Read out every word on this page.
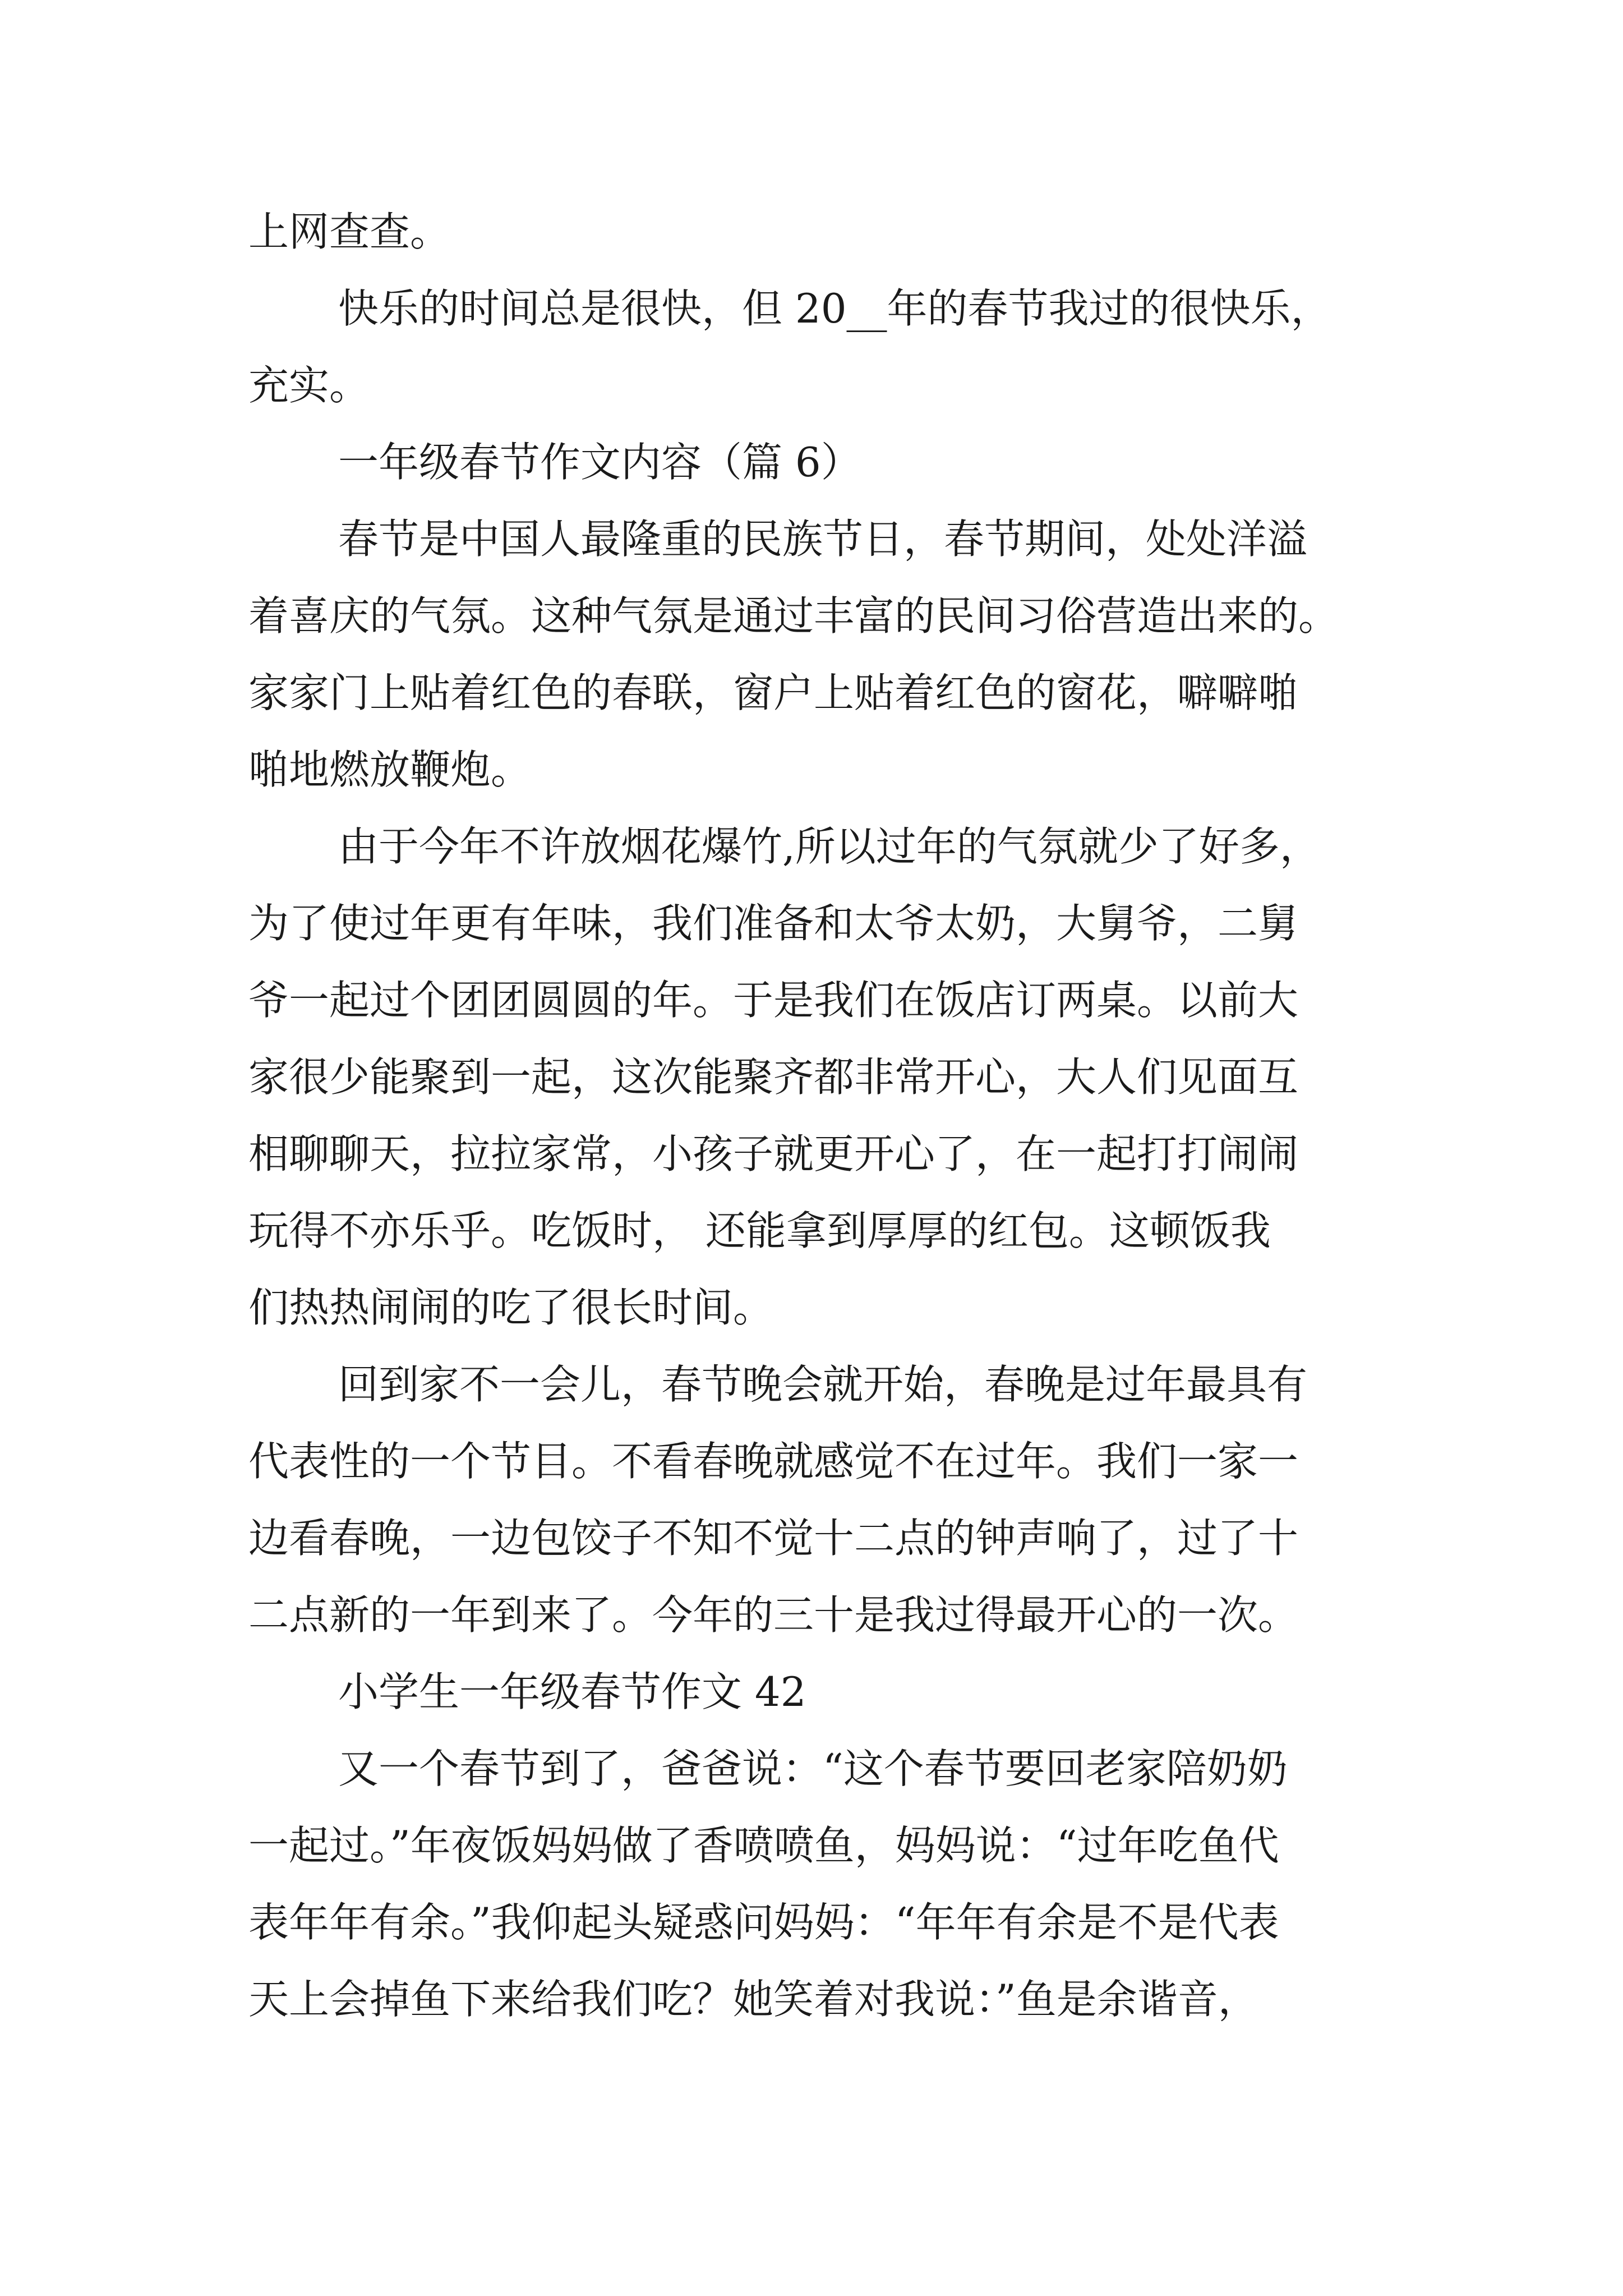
上网查查。
快乐的时间总是很快，但 20__年的春节我过的很快乐，
充实。
一年级春节作文内容（篇 6）
春节是中国人最隆重的民族节日，春节期间，处处洋溢
着喜庆的气氛。这种气氛是通过丰富的民间习俗营造出来的。
家家门上贴着红色的春联，窗户上贴着红色的窗花，噼噼啪
啪地燃放鞭炮。
由于今年不许放烟花爆竹,所以过年的气氛就少了好多，
为了使过年更有年味，我们准备和太爷太奶，大舅爷，二舅
爷一起过个团团圆圆的年。于是我们在饭店订两桌。以前大
家很少能聚到一起，这次能聚齐都非常开心，大人们见面互
相聊聊天，拉拉家常，小孩子就更开心了，在一起打打闹闹
玩得不亦乐乎。吃饭时， 还能拿到厚厚的红包。这顿饭我
们热热闹闹的吃了很长时间。
回到家不一会儿，春节晚会就开始，春晚是过年最具有
代表性的一个节目。不看春晚就感觉不在过年。我们一家一
边看春晚，一边包饺子不知不觉十二点的钟声响了，过了十
二点新的一年到来了。今年的三十是我过得最开心的一次。
小学生一年级春节作文 42
又一个春节到了，爸爸说：“这个春节要回老家陪奶奶
一起过。”年夜饭妈妈做了香喷喷鱼，妈妈说：“过年吃鱼代
表年年有余。”我仰起头疑惑问妈妈：“年年有余是不是代表
天上会掉鱼下来给我们吃？她笑着对我说：”鱼是余谐音，
